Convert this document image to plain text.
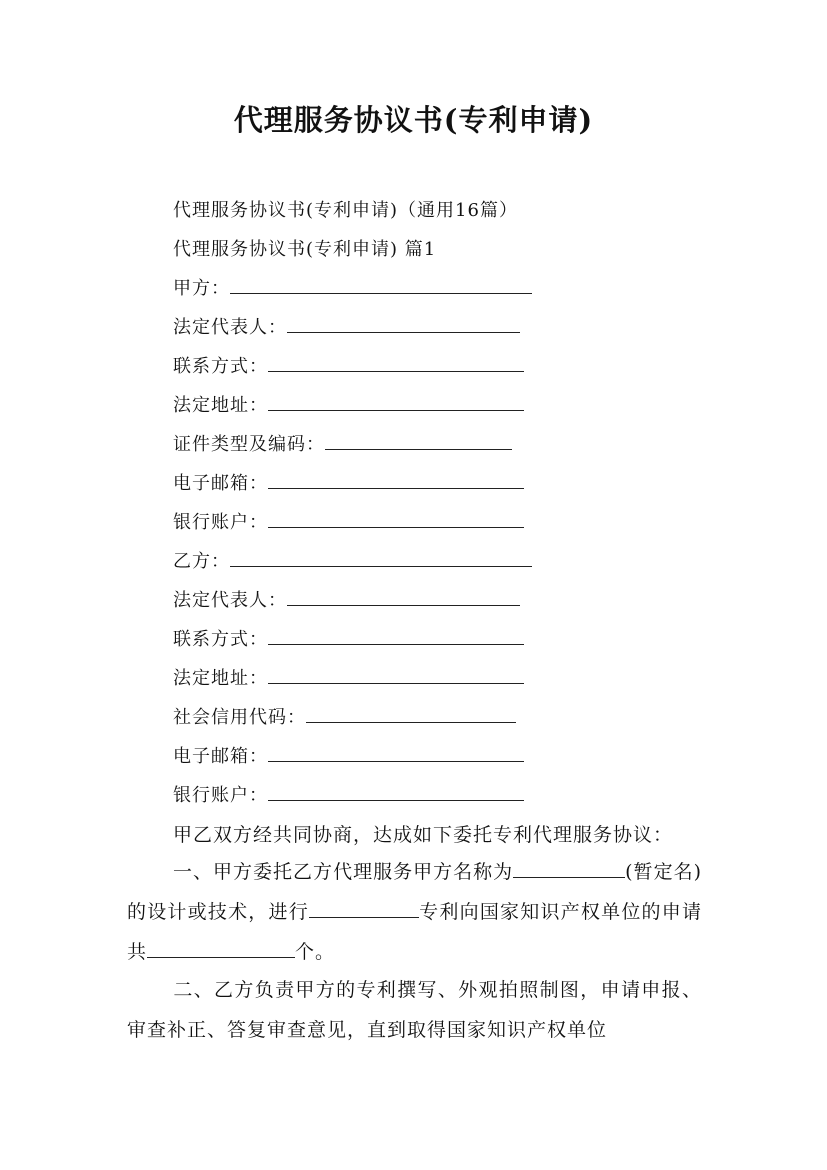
代理服务协议书(专利申请)
代理服务协议书(专利申请)（通用16篇）
代理服务协议书(专利申请) 篇1
甲方：
法定代表人：
联系方式：
法定地址：
证件类型及编码：
电子邮箱：
银行账户：
乙方：
法定代表人：
联系方式：
法定地址：
社会信用代码：
电子邮箱：
银行账户：
甲乙双方经共同协商，达成如下委托专利代理服务协议：

一、甲方委托乙方代理服务甲方名称为	(暂定名)的设计或技术，进行	专利向国家知识产权单位的申请共	个。

二、乙方负责甲方的专利撰写、外观拍照制图，申请申报、审查补正、答复审查意见，直到取得国家知识产权单位
